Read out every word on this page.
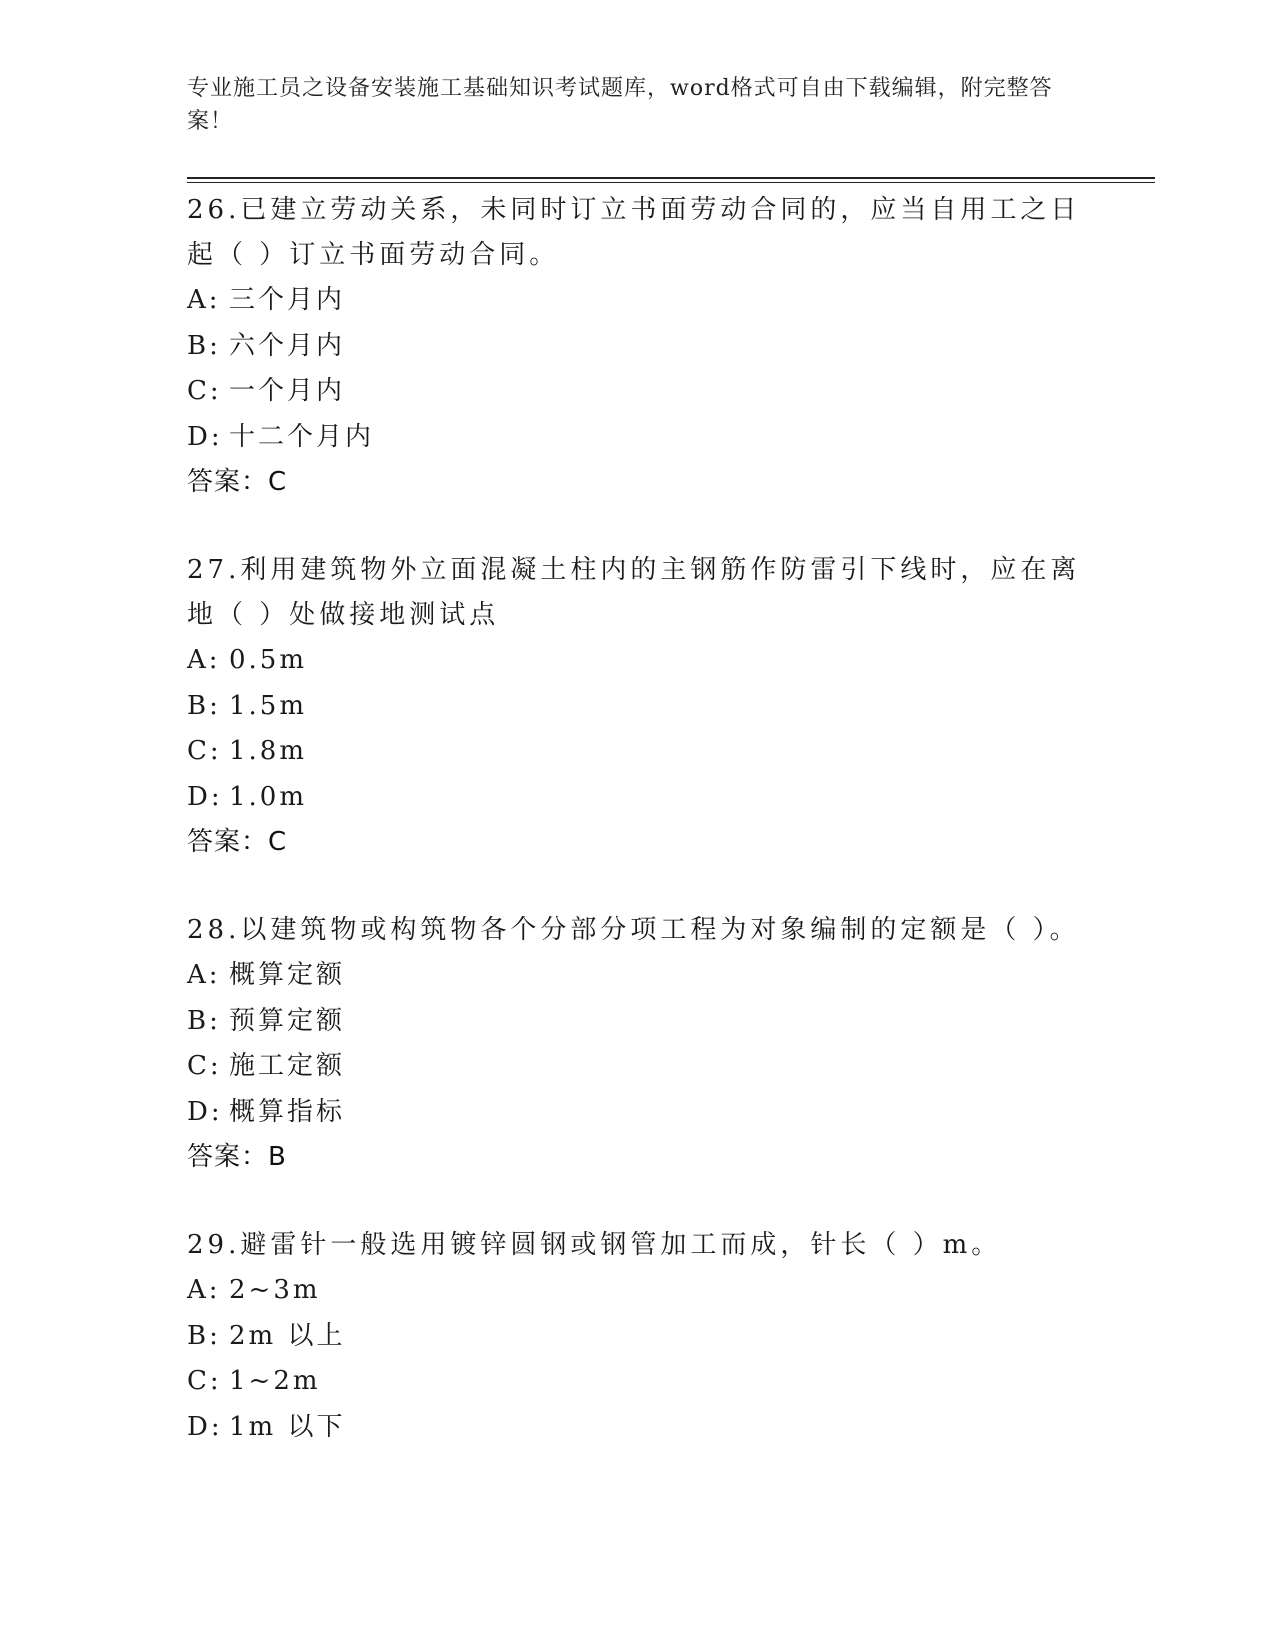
专业施工员之设备安装施工基础知识考试题库，word格式可自由下载编辑，附完整答案！

26.已建立劳动关系，未同时订立书面劳动合同的，应当自用工之日起（ ）订立书面劳动合同。

A: 三个月内

B: 六个月内

C: 一个月内

D: 十二个月内

答案：C

27.利用建筑物外立面混凝土柱内的主钢筋作防雷引下线时，应在离地（ ）处做接地测试点

A: 0.5m

B: 1.5m

C: 1.8m

D: 1.0m

答案：C

28.以建筑物或构筑物各个分部分项工程为对象编制的定额是（ ）。

A: 概算定额

B: 预算定额

C: 施工定额

D: 概算指标

答案：B

29.避雷针一般选用镀锌圆钢或钢管加工而成，针长（ ）m。

A: 2~3m

B: 2m 以上

C: 1~2m

D: 1m 以下
